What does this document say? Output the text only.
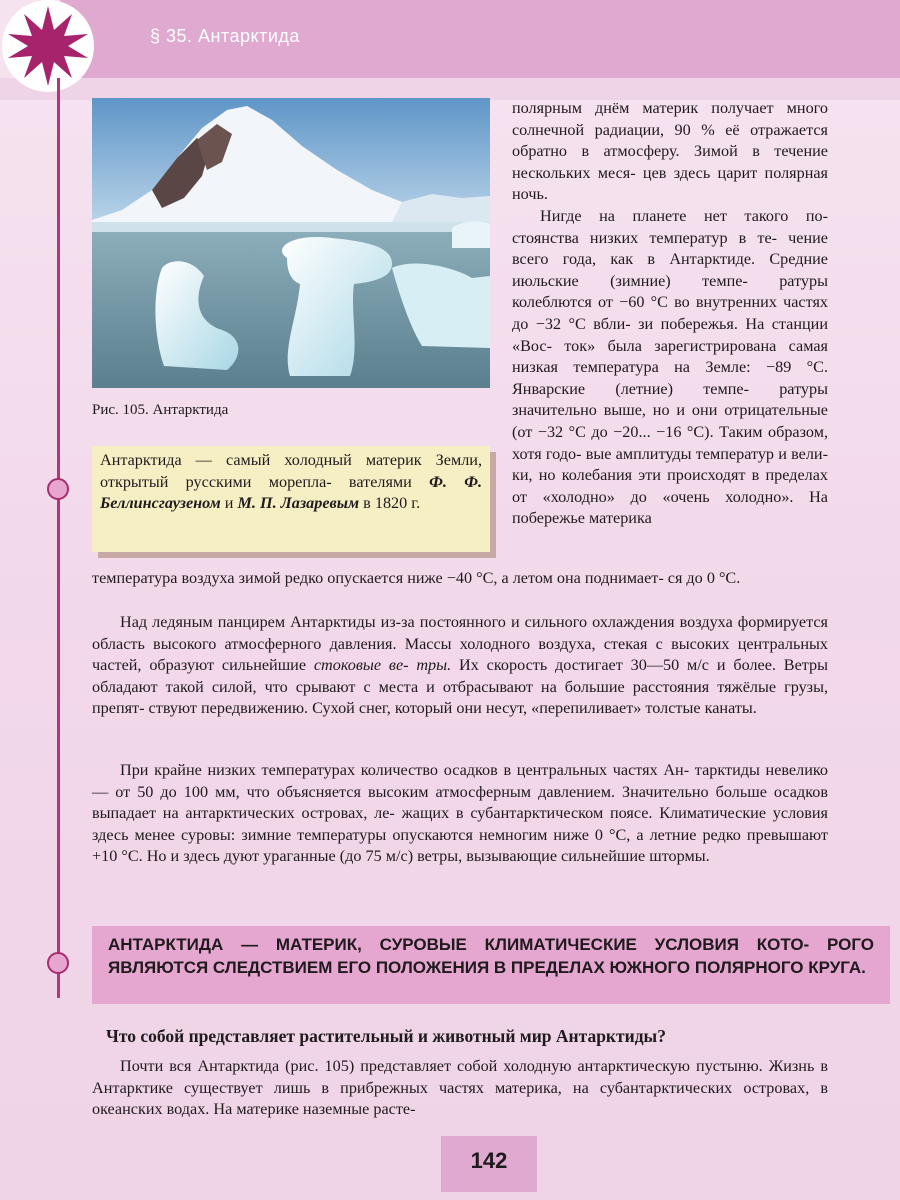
§ 35. Антарктида
Рис. 105. Антарктида

полярным днём материк получает много солнечной радиации, 90 % её отражается обратно в атмосферу. Зимой в течение нескольких меся- цев здесь царит полярная ночь.

Нигде на планете нет такого по- стоянства низких температур в те- чение всего года, как в Антарктиде. Средние июльские (зимние) темпе- ратуры колеблются от −60 °С во внутренних частях до −32 °С вбли- зи побережья. На станции «Вос- ток» была зарегистрирована самая низкая температура на Земле: −89 °С. Январские (летние) темпе- ратуры значительно выше, но и они отрицательные (от −32 °С до −20... −16 °С). Таким образом, хотя годо- вые амплитуды температур и вели- ки, но колебания эти происходят в пределах от «холодно» до «очень холодно». На побережье материка

Антарктида — самый холодный материк Земли, открытый русскими морепла- вателями Ф. Ф. Беллинсгаузеном и М. П. Лазаревым в 1820 г.

температура воздуха зимой редко опускается ниже −40 °С, а летом она поднимает- ся до 0 °С.

Над ледяным панцирем Антарктиды из-за постоянного и сильного охлаждения воздуха формируется область высокого атмосферного давления. Массы холодного воздуха, стекая с высоких центральных частей, образуют сильнейшие стоковые ве- тры. Их скорость достигает 30—50 м/с и более. Ветры обладают такой силой, что срывают с места и отбрасывают на большие расстояния тяжёлые грузы, препят- ствуют передвижению. Сухой снег, который они несут, «перепиливает» толстые канаты.

При крайне низких температурах количество осадков в центральных частях Ан- тарктиды невелико — от 50 до 100 мм, что объясняется высоким атмосферным давлением. Значительно больше осадков выпадает на антарктических островах, ле- жащих в субантарктическом поясе. Климатические условия здесь менее суровы: зимние температуры опускаются немногим ниже 0 °С, а летние редко превышают +10 °С. Но и здесь дуют ураганные (до 75 м/с) ветры, вызывающие сильнейшие штормы.

АНТАРКТИДА — МАТЕРИК, СУРОВЫЕ КЛИМАТИЧЕСКИЕ УСЛОВИЯ КОТО- РОГО ЯВЛЯЮТСЯ СЛЕДСТВИЕМ ЕГО ПОЛОЖЕНИЯ В ПРЕДЕЛАХ ЮЖНОГО ПОЛЯРНОГО КРУГА.
Что собой представляет растительный и животный мир Антарктиды?

Почти вся Антарктида (рис. 105) представляет собой холодную антарктическую пустыню. Жизнь в Антарктике существует лишь в прибрежных частях материка, на субантарктических островах, в океанских водах. На материке наземные расте-

142
